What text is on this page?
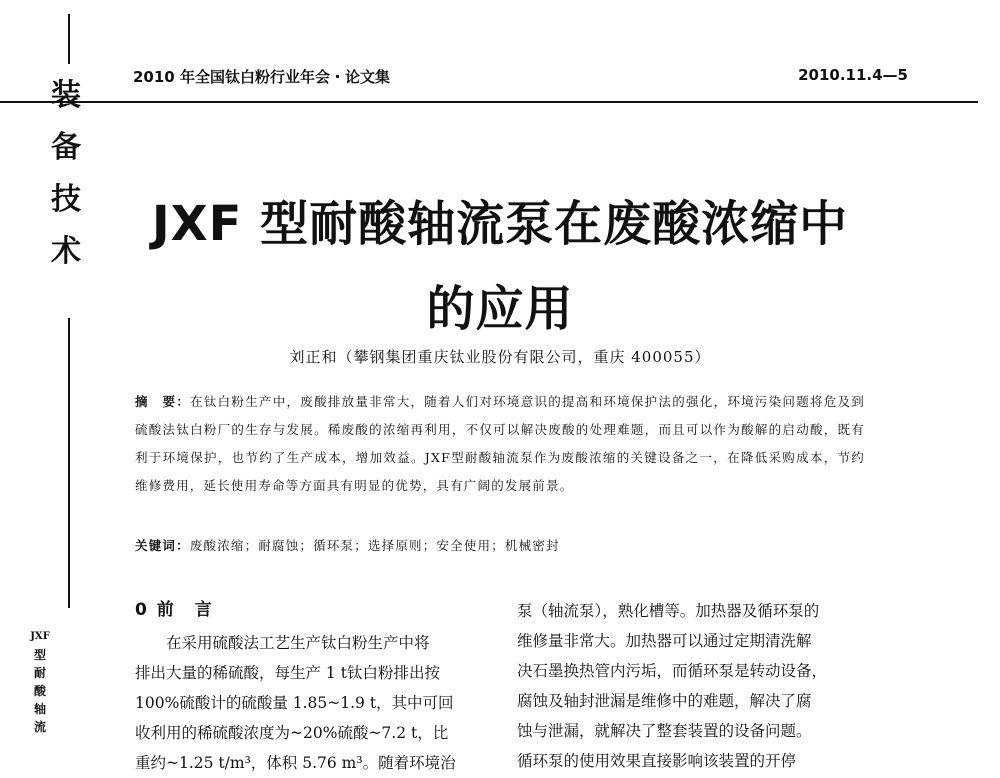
装
备
技
术
2010 年全国钛白粉行业年会・论文集	2010.11.4—5
JXF 型耐酸轴流泵在废酸浓缩中
的应用
刘正和（攀钢集团重庆钛业股份有限公司，重庆 400055）
摘　要：在钛白粉生产中，废酸排放量非常大，随着人们对环境意识的提高和环境保护法的强化，环境污染问题将危及到硫酸法钛白粉厂的生存与发展。稀废酸的浓缩再利用，不仅可以解决废酸的处理难题，而且可以作为酸解的启动酸，既有利于环境保护，也节约了生产成本，增加效益。JXF型耐酸轴流泵作为废酸浓缩的关键设备之一，在降低采购成本，节约维修费用，延长使用寿命等方面具有明显的优势，具有广阔的发展前景。
关键词：废酸浓缩；耐腐蚀；循环泵；选择原则；安全使用；机械密封
0 前　言

在采用硫酸法工艺生产钛白粉生产中将

排出大量的稀硫酸，每生产 1 t钛白粉排出按

100%硫酸计的硫酸量 1.85~1.9 t，其中可回

收利用的稀硫酸浓度为~20%硫酸~7.2 t，比

重约~1.25 t/m³，体积 5.76 m³。随着环境治

泵（轴流泵），熟化槽等。加热器及循环泵的

维修量非常大。加热器可以通过定期清洗解

决石墨换热管内污垢，而循环泵是转动设备，

腐蚀及轴封泄漏是维修中的难题，解决了腐

蚀与泄漏，就解决了整套装置的设备问题。

循环泵的使用效果直接影响该装置的开停

JXF
型
耐
酸
轴
流
